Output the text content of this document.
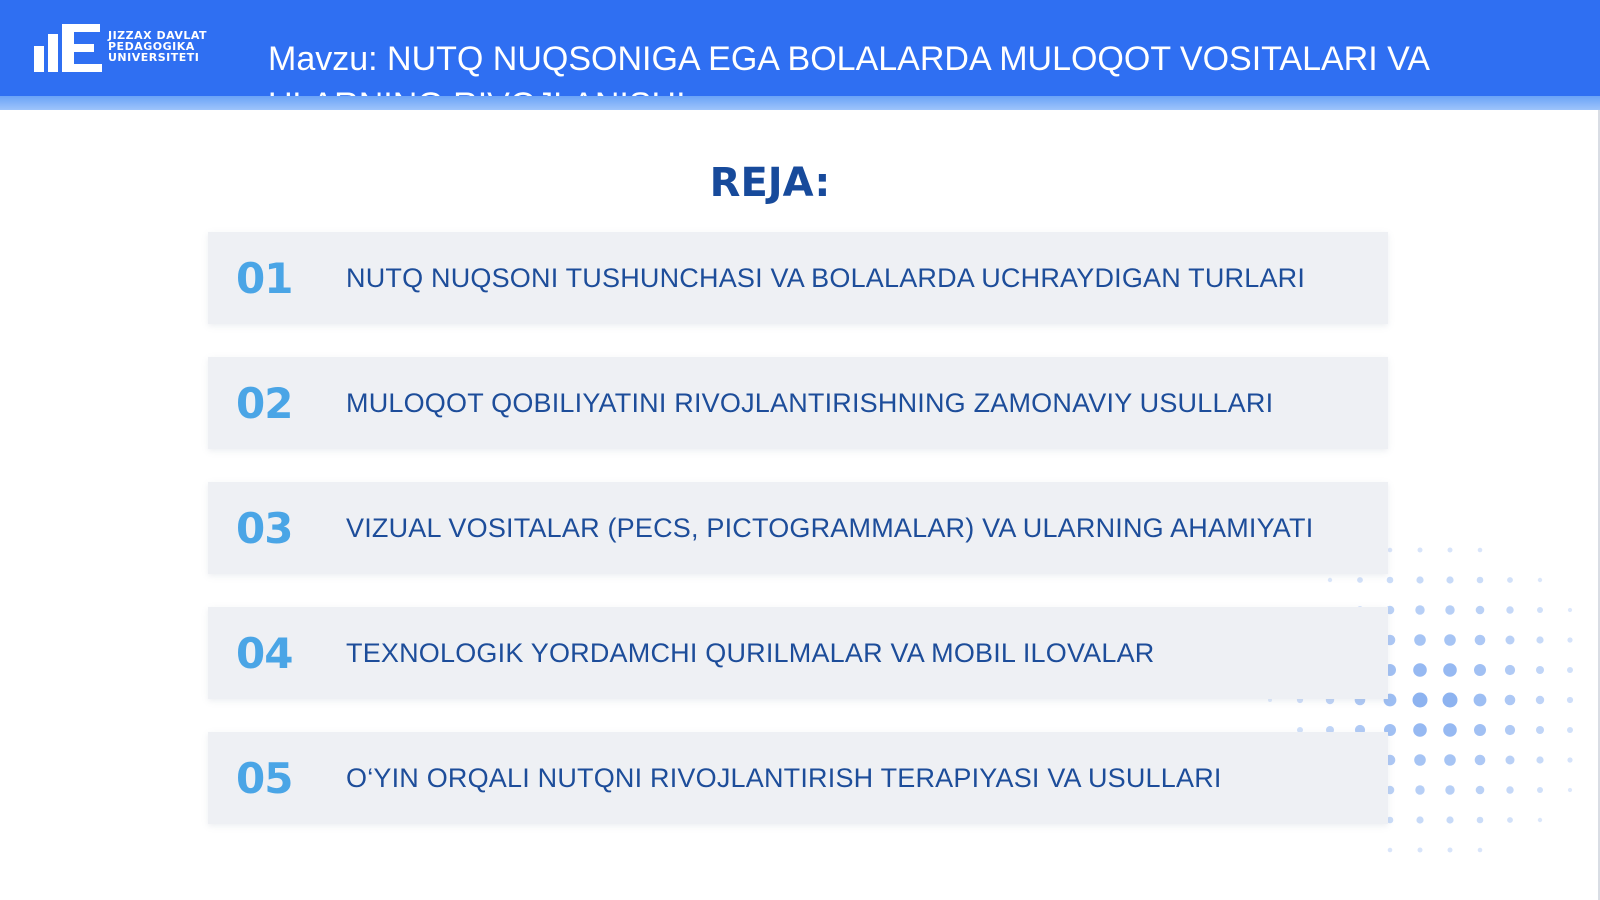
JIZZAX DAVLAT
PEDAGOGIKA
UNIVERSITETI Mavzu: NUTQ NUQSONIGA EGA BOLALARDA MULOQOT VOSITALARI VA
REJA:
01	NUTQ NUQSONI TUSHUNCHASI VA BOLALARDA UCHRAYDIGAN TURLARI
02	MULOQOT QOBILIYATINI RIVOJLANTIRISHNING ZAMONAVIY USULLARI
03	VIZUAL VOSITALAR (PECS, PICTOGRAMMALAR) VA ULARNING AHAMIYATI
04	TEXNOLOGIK YORDAMCHI QURILMALAR VA MOBIL ILOVALAR
05	O‘YIN ORQALI NUTQNI RIVOJLANTIRISH TERAPIYASI VA USULLARI
